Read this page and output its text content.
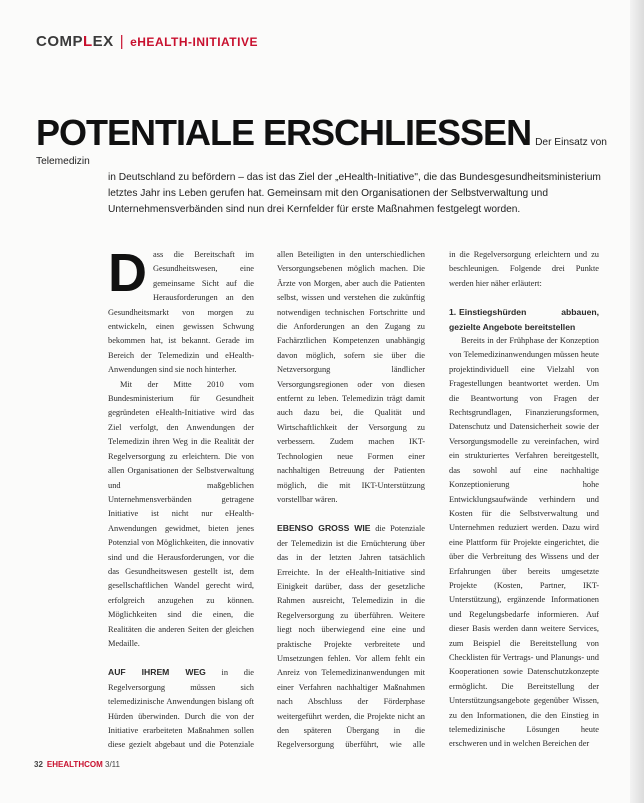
COMPLEX | eHEALTH-INITIATIVE
POTENTIALE ERSCHLIESSEN Der Einsatz von Telemedizin
in Deutschland zu befördern – das ist das Ziel der „eHealth-Initiative", die das Bundesgesundheitsministerium letztes Jahr ins Leben gerufen hat. Gemeinsam mit den Organisationen der Selbstverwaltung und Unternehmensverbänden sind nun drei Kernfelder für erste Maßnahmen festgelegt worden.
D ass die Bereitschaft im Gesundheitswesen, eine gemeinsame Sicht auf die Herausforderungen an den Gesundheitsmarkt von morgen zu entwickeln, einen gewissen Schwung bekommen hat, ist bekannt. Gerade im Bereich der Telemedizin und eHealth-Anwendungen sind sie noch hinterher.

Mit der Mitte 2010 vom Bundesministerium für Gesundheit gegründeten eHealth-Initiative wird das Ziel verfolgt, den Anwendungen der Telemedizin ihren Weg in die Realität der Regelversorgung zu erleichtern. Die von allen Organisationen der Selbstverwaltung und maßgeblichen Unternehmensverbänden getragene Initiative ist nicht nur eHealth-Anwendungen gewidmet, bieten jenes Potenzial von Möglichkeiten, die innovativ sind und die Herausforderungen, vor die das Gesundheitswesen gestellt ist, dem gesellschaftlichen Wandel gerecht wird, erfolgreich anzugehen zu können. Möglichkeiten sind die einen, die Realitäten die anderen Seiten der gleichen Medaille.

AUF IHREM WEG in die Regelversorgung müssen sich telemedizinische Anwendungen bislang oft Hürden überwinden. Durch die von der Initiative erarbeiteten Maßnahmen sollen diese gezielt abgebaut und die Potenziale

allen Beteiligten in den unterschiedlichen Versorgungsebenen möglich machen. Die Ärzte von Morgen, aber auch die Patienten selbst, wissen und verstehen die zukünftig notwendigen technischen Fortschritte und die Anforderungen an den Zugang zu Fachärztlichen Kompetenzen unabhängig davon möglich, sofern sie über die Netzversorgung ländlicher Versorgungsregionen oder von diesen entfernt zu leben. Telemedizin trägt damit auch dazu bei, die Qualität und Wirtschaftlichkeit der Versorgung zu verbessern. Zudem machen IKT-Technologien neue Formen einer nachhaltigen Betreuung der Patienten möglich, die mit IKT-Unterstützung vorstellbar wären.

EBENSO GROSS WIE die Potenziale der Telemedizin ist die Ernüchterung über das in der letzten Jahren tatsächlich Erreichte. In der eHealth-Initiative sind Einigkeit darüber, dass der gesetzliche Rahmen ausreicht, Telemedizin in die Regelversorgung zu überführen. Weitere liegt noch überwiegend eine eine und praktische Projekte verbreitete und Umsetzungen fehlen. Vor allem fehlt ein Anreiz von Telemedizinanwendungen mit einer Verfahren nachhaltiger Maßnahmen nach Abschluss der Förderphase weitergeführt werden, die Projekte nicht an den späteren Übergang in die Regelversorgung überführt, wie alle

in die Regelversorgung erleichtern und zu beschleunigen. Folgende drei Punkte werden hier näher erläutert:

1. Einstiegshürden abbauen, gezielte Angebote bereitstellen

Bereits in der Frühphase der Konzeption von Telemedizinanwendungen müssen heute projektindividuell eine Vielzahl von Fragestellungen beantwortet werden. Um die Beantwortung von Fragen der Rechtsgrundlagen, Finanzierungsformen, Datenschutz und Datensicherheit sowie der Versorgungsmodelle zu vereinfachen, wird ein strukturiertes Verfahren bereitgestellt, das sowohl auf eine nachhaltige Konzeptionierung hohe Entwicklungsaufwände verhindern und Kosten für die Selbstverwaltung und Unternehmen reduziert werden. Dazu wird eine Plattform für Projekte eingerichtet, die über die Verbreitung des Wissens und der Erfahrungen über bereits umgesetzte Projekte (Kosten, Partner, IKT-Unterstützung), ergänzende Informationen und Regelungsbedarfe informieren. Auf dieser Basis werden dann weitere Services, zum Beispiel die Bereitstellung von Checklisten für Vertrags- und Planungs- und Kooperationen sowie Datenschutzkonzepte ermöglicht. Die Bereitstellung der Unterstützungsangebote gegenüber Wissen, zu den Informationen, die den Einstieg in telemedizinische Lösungen heute erschweren und in welchen Bereichen der

32 EHEALTHCOM 3/11
